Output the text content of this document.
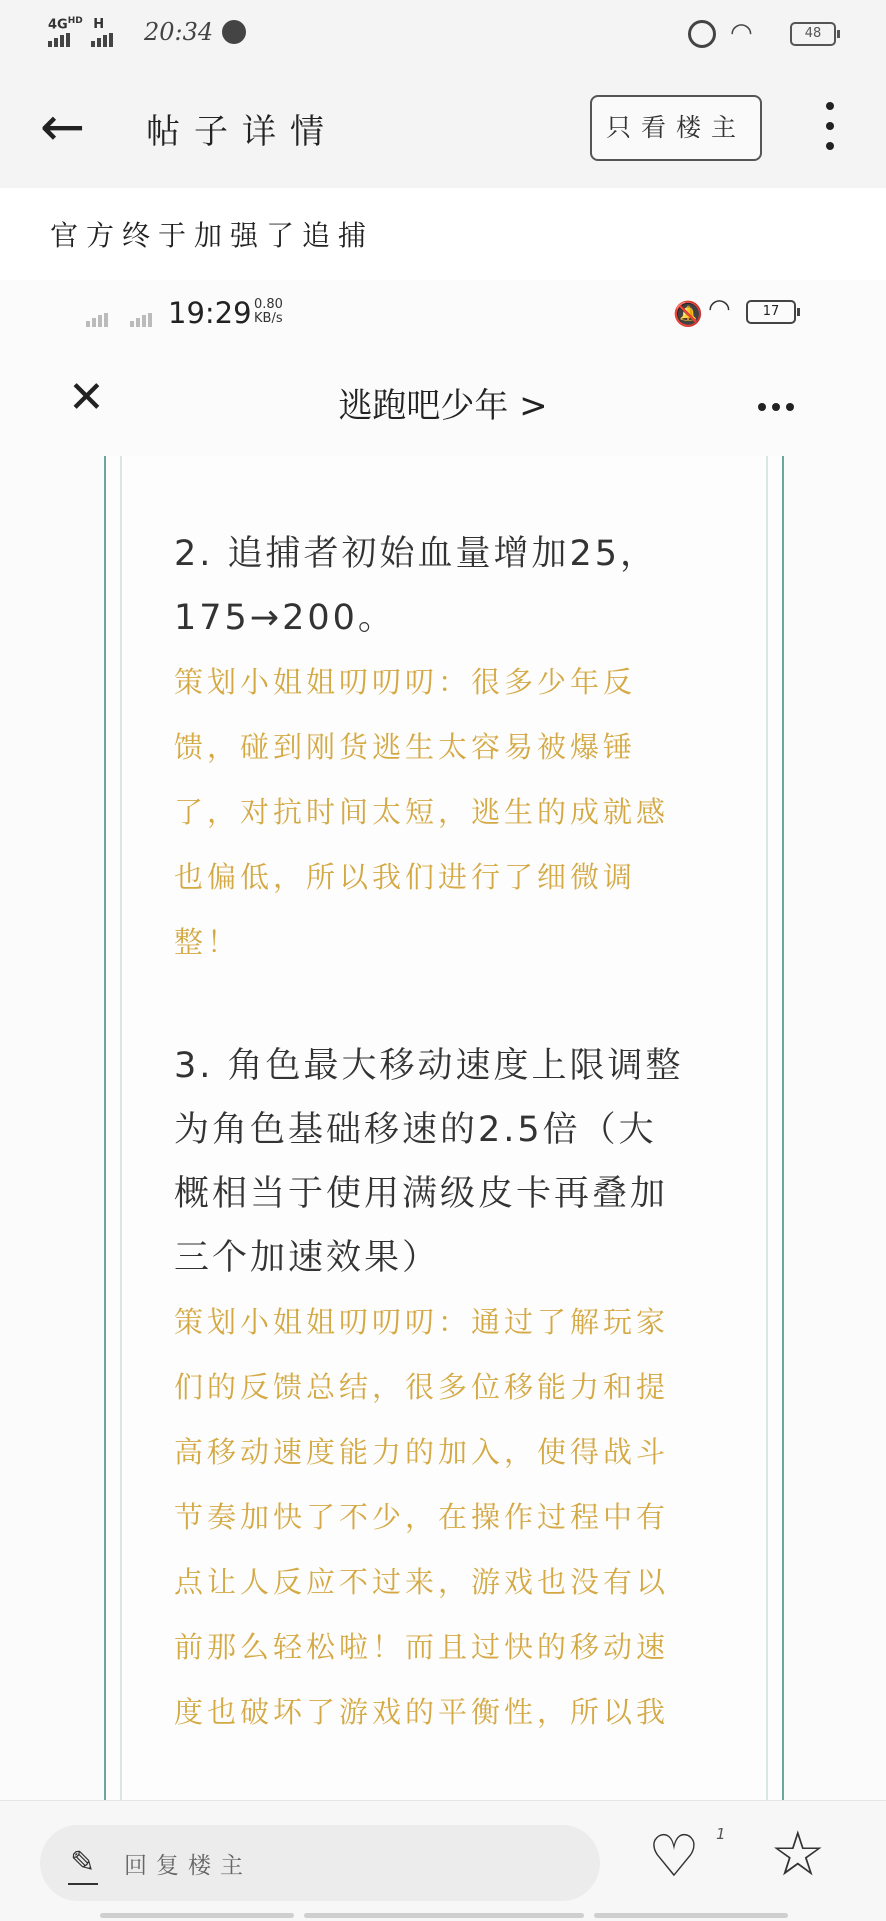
$4G^{HD}$ H
20:34	◠	48
← 帖子详情	只看楼主
官方终于加强了追捕

19:29 0.80
KB/s	🔕 ◠	17
✕	逃跑吧少年 >
2. 追捕者初始血量增加25，
175→200。
策划小姐姐叨叨叨：很多少年反
馈，碰到刚货逃生太容易被爆锤
了，对抗时间太短，逃生的成就感
也偏低，所以我们进行了细微调
整！
3. 角色最大移动速度上限调整
为角色基础移速的2.5倍（大
概相当于使用满级皮卡再叠加
三个加速效果）
策划小姐姐叨叨叨：通过了解玩家
们的反馈总结，很多位移能力和提
高移动速度能力的加入，使得战斗
节奏加快了不少，在操作过程中有
点让人反应不过来，游戏也没有以
前那么轻松啦！而且过快的移动速
度也破坏了游戏的平衡性，所以我
✎ 回复楼主	♡ 1 ☆
